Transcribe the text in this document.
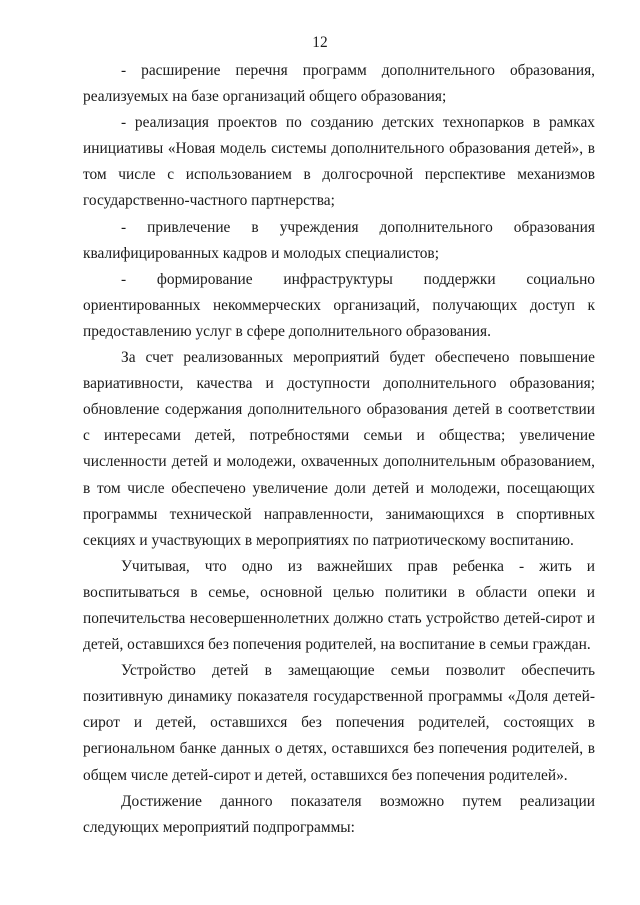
12

- расширение перечня программ дополнительного образования, реализуемых на базе организаций общего образования;

- реализация проектов по созданию детских технопарков в рамках инициативы «Новая модель системы дополнительного образования детей», в том числе с использованием в долгосрочной перспективе механизмов государственно-частного партнерства;

- привлечение в учреждения дополнительного образования квалифицированных кадров и молодых специалистов;

- формирование инфраструктуры поддержки социально ориентированных некоммерческих организаций, получающих доступ к предоставлению услуг в сфере дополнительного образования.

За счет реализованных мероприятий будет обеспечено повышение вариативности, качества и доступности дополнительного образования; обновление содержания дополнительного образования детей в соответствии с интересами детей, потребностями семьи и общества; увеличение численности детей и молодежи, охваченных дополнительным образованием, в том числе обеспечено увеличение доли детей и молодежи, посещающих программы технической направленности, занимающихся в спортивных секциях и участвующих в мероприятиях по патриотическому воспитанию.

Учитывая, что одно из важнейших прав ребенка - жить и воспитываться в семье, основной целью политики в области опеки и попечительства несовершеннолетних должно стать устройство детей-сирот и детей, оставшихся без попечения родителей, на воспитание в семьи граждан.

Устройство детей в замещающие семьи позволит обеспечить позитивную динамику показателя государственной программы «Доля детей-сирот и детей, оставшихся без попечения родителей, состоящих в региональном банке данных о детях, оставшихся без попечения родителей, в общем числе детей-сирот и детей, оставшихся без попечения родителей».

Достижение данного показателя возможно путем реализации следующих мероприятий подпрограммы:
